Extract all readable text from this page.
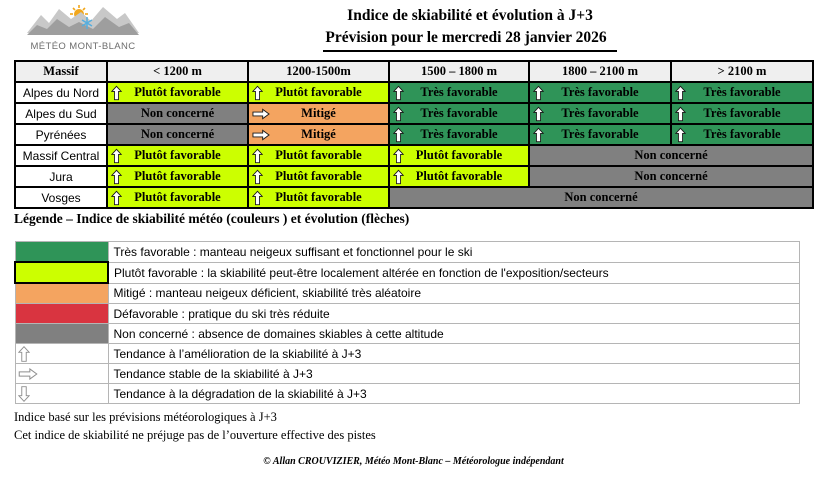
MÉTÉO MONT-BLANC
Indice de skiabilité et évolution à J+3
Prévision pour le mercredi 28 janvier 2026
Massif	< 1200 m	1200-1500m	1500 – 1800 m	1800 – 2100 m	> 2100 m
Alpes du Nord	Plutôt favorable	Plutôt favorable	Très favorable	Très favorable	Très favorable
Alpes du Sud	Non concerné	Mitigé	Très favorable	Très favorable	Très favorable
Pyrénées	Non concerné	Mitigé	Très favorable	Très favorable	Très favorable
Massif Central	Plutôt favorable	Plutôt favorable	Plutôt favorable	Non concerné	
Jura	Plutôt favorable	Plutôt favorable	Plutôt favorable	Non concerné	
Vosges	Plutôt favorable	Plutôt favorable	Non concerné		
Légende – Indice de skiabilité météo (couleurs ) et évolution (flèches)
	Très favorable : manteau neigeux suffisant et fonctionnel pour le ski
	Plutôt favorable : la skiabilité peut-être localement altérée en fonction de l'exposition/secteurs
	Mitigé : manteau neigeux déficient, skiabilité très aléatoire
	Défavorable : pratique du ski très réduite
	Non concerné : absence de domaines skiables à cette altitude

	Tendance à l’amélioration de la skiabilité à J+3

	Tendance stable de la skiabilité à J+3

	Tendance à la dégradation de la skiabilité à J+3
Indice basé sur les prévisions météorologiques à J+3
Cet indice de skiabilité ne préjuge pas de l’ouverture effective des pistes
© Allan CROUVIZIER, Météo Mont-Blanc – Météorologue indépendant
